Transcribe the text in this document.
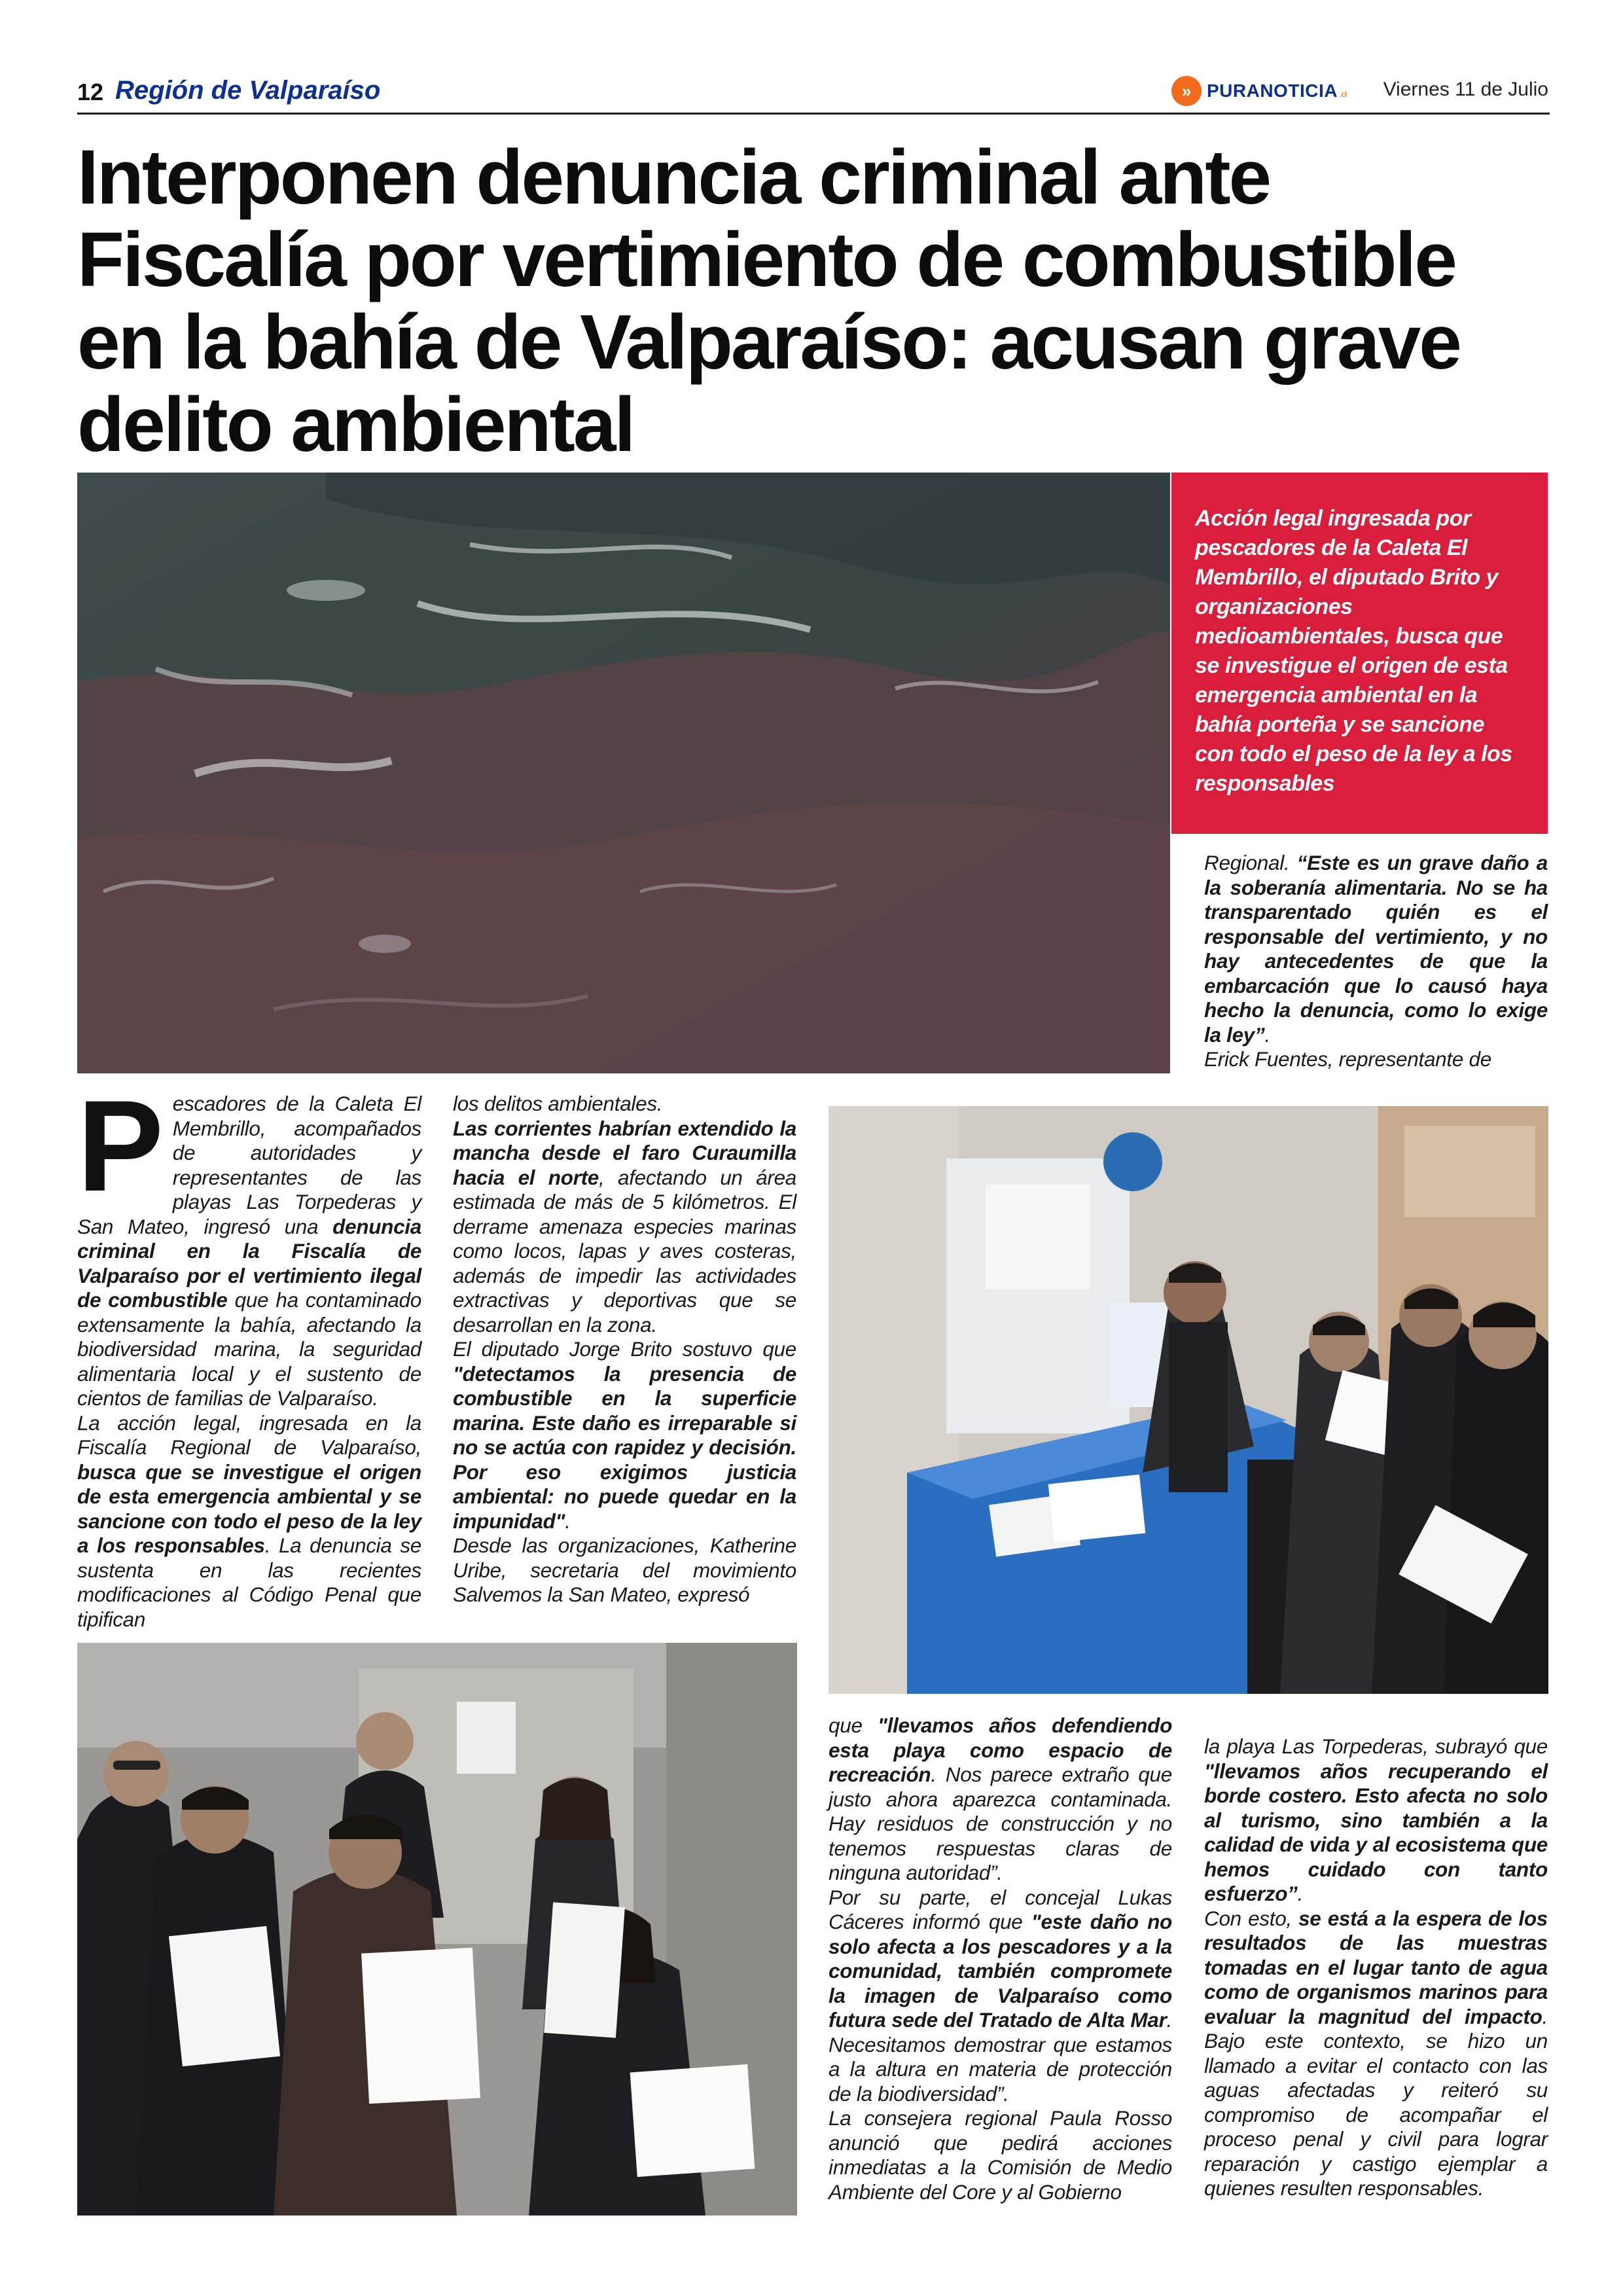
12 Región de Valparaíso	» PURANOTICIA .cl Viernes 11 de Julio
Interponen denuncia criminal ante Fiscalía por vertimiento de combustible en la bahía de Valparaíso: acusan grave delito ambiental
Acción legal ingresada por pescadores de la Caleta El Membrillo, el diputado Brito y organizaciones medioambientales, busca que se investigue el origen de esta emergencia ambiental en la bahía porteña y se sancione con todo el peso de la ley a los responsables

Regional. “Este es un grave daño a la soberanía alimentaria. No se ha transparentado quién es el responsable del vertimiento, y no hay antecedentes de que la embarcación que lo causó haya hecho la denuncia, como lo exige la ley”.

Erick Fuentes, representante de

Pescadores de la Caleta El Membrillo, acompañados de autoridades y representantes de las playas Las Torpederas y San Mateo, ingresó una denuncia criminal en la Fiscalía de Valparaíso por el vertimiento ilegal de combustible que ha contaminado extensamente la bahía, afectando la biodiversidad marina, la seguridad alimentaria local y el sustento de cientos de familias de Valparaíso.

La acción legal, ingresada en la Fiscalía Regional de Valparaíso, busca que se investigue el origen de esta emergencia ambiental y se sancione con todo el peso de la ley a los responsables. La denuncia se sustenta en las recientes modificaciones al Código Penal que tipifican

los delitos ambientales.

Las corrientes habrían extendido la mancha desde el faro Curaumilla hacia el norte, afectando un área estimada de más de 5 kilómetros. El derrame amenaza especies marinas como locos, lapas y aves costeras, además de impedir las actividades extractivas y deportivas que se desarrollan en la zona.

El diputado Jorge Brito sostuvo que "detectamos la presencia de combustible en la superficie marina. Este daño es irreparable si no se actúa con rapidez y decisión. Por eso exigimos justicia ambiental: no puede quedar en la impunidad".

Desde las organizaciones, Katherine Uribe, secretaria del movimiento Salvemos la San Mateo, expresó

que "llevamos años defendiendo esta playa como espacio de recreación. Nos parece extraño que justo ahora aparezca contaminada. Hay residuos de construcción y no tenemos respuestas claras de ninguna autoridad”.

Por su parte, el concejal Lukas Cáceres informó que "este daño no solo afecta a los pescadores y a la comunidad, también compromete la imagen de Valparaíso como futura sede del Tratado de Alta Mar. Necesitamos demostrar que estamos a la altura en materia de protección de la biodiversidad”.

La consejera regional Paula Rosso anunció que pedirá acciones inmediatas a la Comisión de Medio Ambiente del Core y al Gobierno

la playa Las Torpederas, subrayó que "llevamos años recuperando el borde costero. Esto afecta no solo al turismo, sino también a la calidad de vida y al ecosistema que hemos cuidado con tanto esfuerzo”.

Con esto, se está a la espera de los resultados de las muestras tomadas en el lugar tanto de agua como de organismos marinos para evaluar la magnitud del impacto. Bajo este contexto, se hizo un llamado a evitar el contacto con las aguas afectadas y reiteró su compromiso de acompañar el proceso penal y civil para lograr reparación y castigo ejemplar a quienes resulten responsables.
